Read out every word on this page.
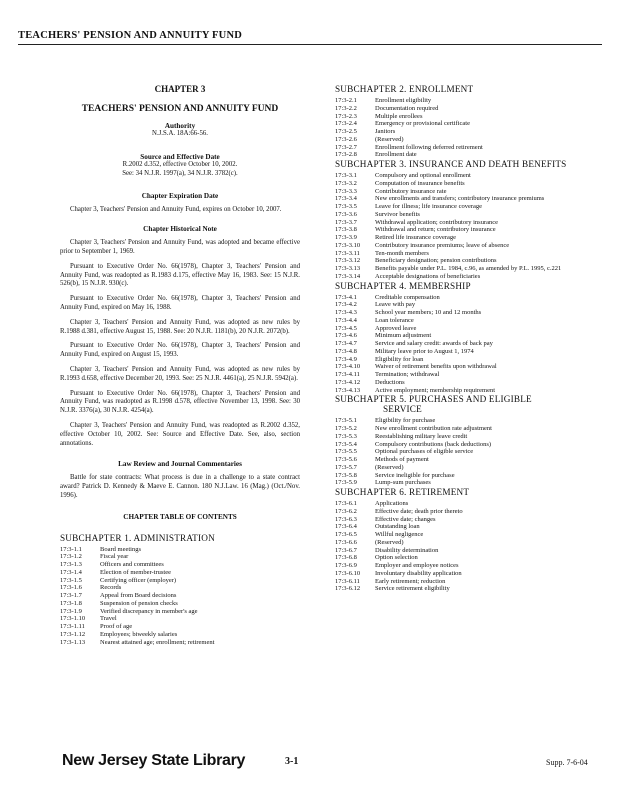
TEACHERS' PENSION AND ANNUITY FUND
CHAPTER 3
TEACHERS' PENSION AND ANNUITY FUND
Authority
N.J.S.A. 18A:66-56.
Source and Effective Date
R.2002 d.352, effective October 10, 2002.
See: 34 N.J.R. 1997(a), 34 N.J.R. 3782(c).
Chapter Expiration Date
Chapter 3, Teachers' Pension and Annuity Fund, expires on October 10, 2007.
Chapter Historical Note
Chapter 3, Teachers' Pension and Annuity Fund, was adopted and became effective prior to September 1, 1969.
Pursuant to Executive Order No. 66(1978), Chapter 3, Teachers' Pension and Annuity Fund, was readopted as R.1983 d.175, effective May 16, 1983. See: 15 N.J.R. 526(b), 15 N.J.R. 930(c).
Pursuant to Executive Order No. 66(1978), Chapter 3, Teachers' Pension and Annuity Fund, expired on May 16, 1988.
Chapter 3, Teachers' Pension and Annuity Fund, was adopted as new rules by R.1988 d.381, effective August 15, 1988. See: 20 N.J.R. 1181(b), 20 N.J.R. 2072(b).
Pursuant to Executive Order No. 66(1978), Chapter 3, Teachers' Pension and Annuity Fund, expired on August 15, 1993.
Chapter 3, Teachers' Pension and Annuity Fund, was adopted as new rules by R.1993 d.658, effective December 20, 1993. See: 25 N.J.R. 4461(a), 25 N.J.R. 5942(a).
Pursuant to Executive Order No. 66(1978), Chapter 3, Teachers' Pension and Annuity Fund, was readopted as R.1998 d.578, effective November 13, 1998. See: 30 N.J.R. 3376(a), 30 N.J.R. 4254(a).
Chapter 3, Teachers' Pension and Annuity Fund, was readopted as R.2002 d.352, effective October 10, 2002. See: Source and Effective Date. See, also, section annotations.
Law Review and Journal Commentaries
Battle for state contracts: What process is due in a challenge to a state contract award? Patrick D. Kennedy & Maeve E. Cannon. 180 N.J.Law. 16 (Mag.) (Oct./Nov. 1996).
CHAPTER TABLE OF CONTENTS
SUBCHAPTER 1. ADMINISTRATION
17:3-1.1	Board meetings
17:3-1.2	Fiscal year
17:3-1.3	Officers and committees
17:3-1.4	Election of member-trustee
17:3-1.5	Certifying officer (employer)
17:3-1.6	Records
17:3-1.7	Appeal from Board decisions
17:3-1.8	Suspension of pension checks
17:3-1.9	Verified discrepancy in member's age
17:3-1.10	Travel
17:3-1.11	Proof of age
17:3-1.12	Employees; biweekly salaries
17:3-1.13	Nearest attained age; enrollment; retirement
SUBCHAPTER 2. ENROLLMENT
17:3-2.1	Enrollment eligibility
17:3-2.2	Documentation required
17:3-2.3	Multiple enrollees
17:3-2.4	Emergency or provisional certificate
17:3-2.5	Janitors
17:3-2.6	(Reserved)
17:3-2.7	Enrollment following deferred retirement
17:3-2.8	Enrollment date
SUBCHAPTER 3. INSURANCE AND DEATH BENEFITS
17:3-3.1	Compulsory and optional enrollment
17:3-3.2	Computation of insurance benefits
17:3-3.3	Contributory insurance rate
17:3-3.4	New enrollments and transfers; contributory insurance premiums
17:3-3.5	Leave for illness; life insurance coverage
17:3-3.6	Survivor benefits
17:3-3.7	Withdrawal application; contributory insurance
17:3-3.8	Withdrawal and return; contributory insurance
17:3-3.9	Retired life insurance coverage
17:3-3.10	Contributory insurance premiums; leave of absence
17:3-3.11	Ten-month members
17:3-3.12	Beneficiary designation; pension contributions
17:3-3.13	Benefits payable under P.L. 1984, c.96, as amended by P.L. 1995, c.221
17:3-3.14	Acceptable designations of beneficiaries
SUBCHAPTER 4. MEMBERSHIP
17:3-4.1	Creditable compensation
17:3-4.2	Leave with pay
17:3-4.3	School year members; 10 and 12 months
17:3-4.4	Loan tolerance
17:3-4.5	Approved leave
17:3-4.6	Minimum adjustment
17:3-4.7	Service and salary credit: awards of back pay
17:3-4.8	Military leave prior to August 1, 1974
17:3-4.9	Eligibility for loan
17:3-4.10	Waiver of retirement benefits upon withdrawal
17:3-4.11	Termination; withdrawal
17:3-4.12	Deductions
17:3-4.13	Active employment; membership requirement
SUBCHAPTER 5. PURCHASES AND ELIGIBLE
SERVICE
17:3-5.1	Eligibility for purchase
17:3-5.2	New enrollment contribution rate adjustment
17:3-5.3	Reestablishing military leave credit
17:3-5.4	Compulsory contributions (back deductions)
17:3-5.5	Optional purchases of eligible service
17:3-5.6	Methods of payment
17:3-5.7	(Reserved)
17:3-5.8	Service ineligible for purchase
17:3-5.9	Lump-sum purchases
SUBCHAPTER 6. RETIREMENT
17:3-6.1	Applications
17:3-6.2	Effective date; death prior thereto
17:3-6.3	Effective date; changes
17:3-6.4	Outstanding loan
17:3-6.5	Willful negligence
17:3-6.6	(Reserved)
17:3-6.7	Disability determination
17:3-6.8	Option selection
17:3-6.9	Employer and employee notices
17:3-6.10	Involuntary disability application
17:3-6.11	Early retirement; reduction
17:3-6.12	Service retirement eligibility
New Jersey State Library	3-1	Supp. 7-6-04
